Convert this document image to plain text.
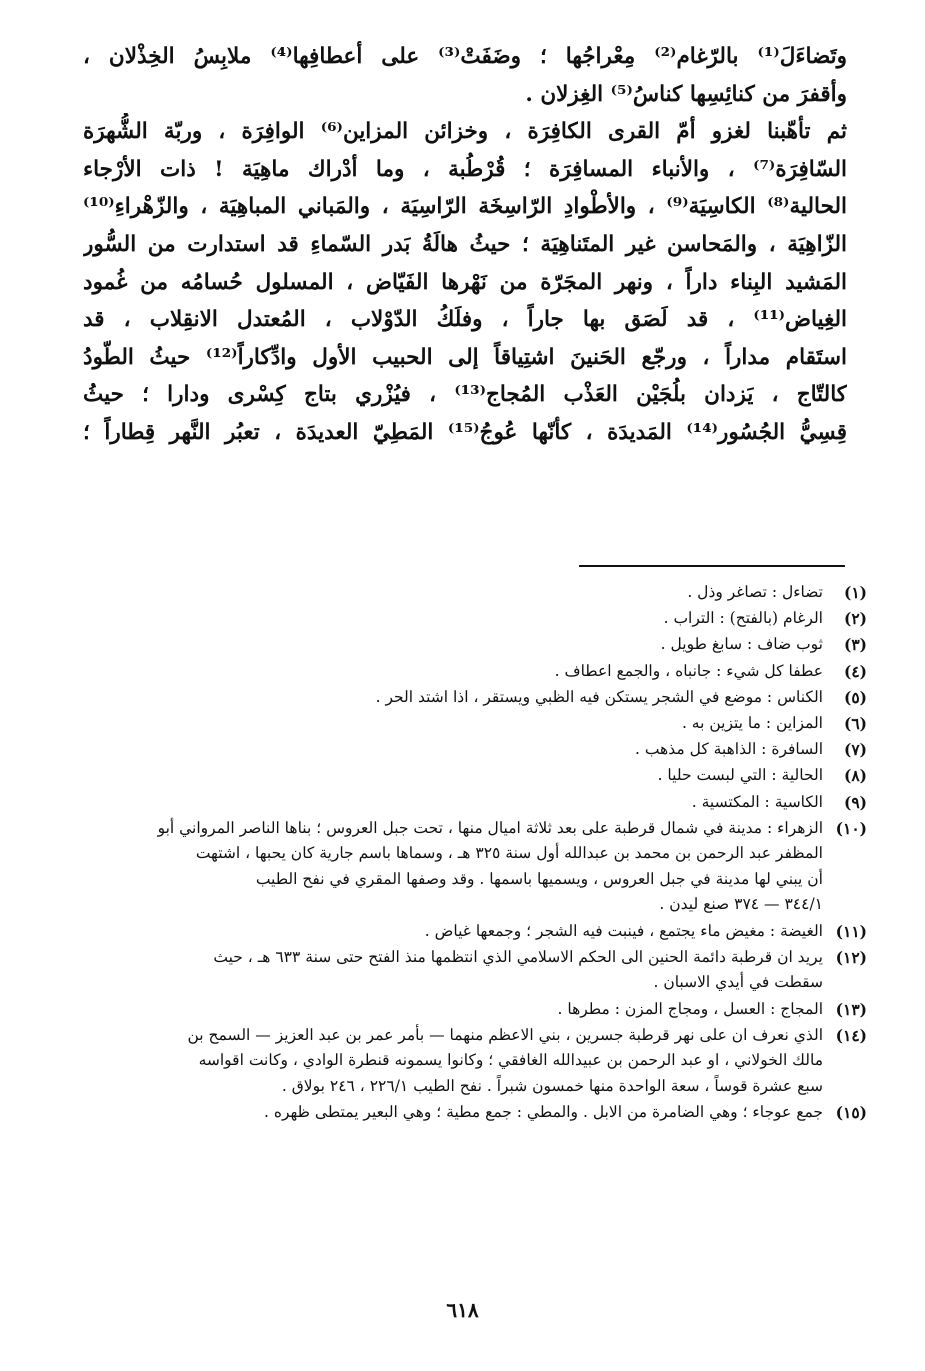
وتَضاءَلَ⁽¹⁾ بالرّغام⁽²⁾ مِعْراجُها ؛ وضَفَتْ⁽³⁾ على أعطافِها⁽⁴⁾ ملابِسُ الخِذْلان ،
وأقفرَ من كنائِسِها كناسُ⁽⁵⁾ الغِزلان .
ثم تأهّبنا لغزو أمّ القرى الكافِرَة ، وخزائن المزاين⁽⁶⁾ الوافِرَة ، وربّة الشُّهرَة
السّافِرَة⁽⁷⁾ ، والأنباء المسافِرَة ؛ قُرْطُبة ، وما أدْراك ماهِيَة ! ذات الأرْجاء
الحالية⁽⁸⁾ الكاسِيَة⁽⁹⁾ ، والأطْوادِ الرّاسِخَة الرّاسِيَة ، والمَباني المباهِيَة ، والزّهْراءِ⁽¹⁰⁾
الزّاهِيَة ، والمَحاسن غير المتَناهِيَة ؛ حيثُ هالَةُ بَدر السّماءِ قد استدارت من السُّور
المَشيد البِناء داراً ، ونهر المجَرّة من نَهْرها الفَيّاض ، المسلول حُسامُه من غُمود
الغِياض⁽¹¹⁾ ، قد لَصَق بها جاراً ، وفلَكُ الدّوْلاب ، المُعتدل الانقِلاب ، قد
استَقام مداراً ، ورجّع الحَنينَ اشتِياقاً إلى الحبيب الأول وادِّكاراً⁽¹²⁾ حيثُ الطّودُ
كالتّاج ، يَزدان بلُجَيْن العَذْب المُجاج⁽¹³⁾ ، فيُزْري بتاج كِسْرى ودارا ؛ حيثُ
قِسِيُّ الجُسُور⁽¹⁴⁾ المَديدَة ، كأنّها عُوجُ⁽¹⁵⁾ المَطِيّ العديدَة ، تعبُر النَّهر قِطاراً ؛
(١)
تضاءل : تصاغر وذل .
(٢)
الرغام (بالفتح) : التراب .
(٣)
ثوب ضاف : سابغ طويل .
(٤)
عطفا كل شيء : جانباه ، والجمع اعطاف .
(٥)
الكناس : موضع في الشجر يستكن فيه الظبي ويستقر ، اذا اشتد الحر .
(٦)
المزاين : ما يتزين به .
(٧)
السافرة : الذاهبة كل مذهب .
(٨)
الحالية : التي لبست حليا .
(٩)
الكاسية : المكتسية .
(١٠)
الزهراء : مدينة في شمال قرطبة على بعد ثلاثة اميال منها ، تحت جبل العروس ؛ بناها الناصر المرواني أبو
المظفر عبد الرحمن بن محمد بن عبدالله أول سنة ٣٢٥ هـ ، وسماها باسم جارية كان يحبها ، اشتهت
أن يبني لها مدينة في جبل العروس ، ويسميها باسمها . وقد وصفها المقري في نفح الطيب
٣٤٤/١ — ٣٧٤ صنع ليدن .
(١١)
الغيضة : مغيض ماء يجتمع ، فينبت فيه الشجر ؛ وجمعها غياض .
(١٢)
يريد ان قرطبة دائمة الحنين الى الحكم الاسلامي الذي انتظمها منذ الفتح حتى سنة ٦٣٣ هـ ، حيث
سقطت في أيدي الاسبان .
(١٣)
المجاج : العسل ، ومجاج المزن : مطرها .
(١٤)
الذي نعرف ان على نهر قرطبة جسرين ، بني الاعظم منهما — بأمر عمر بن عبد العزيز — السمح بن
مالك الخولاني ، او عبد الرحمن بن عبيدالله الغافقي ؛ وكانوا يسمونه قنطرة الوادي ، وكانت اقواسه
سبع عشرة قوساً ، سعة الواحدة منها خمسون شبراً . نفح الطيب ٢٢٦/١ ، ٢٤٦ بولاق .
(١٥)
جمع عوجاء ؛ وهي الضامرة من الابل . والمطي : جمع مطية ؛ وهي البعير يمتطى ظهره .
٦١٨
